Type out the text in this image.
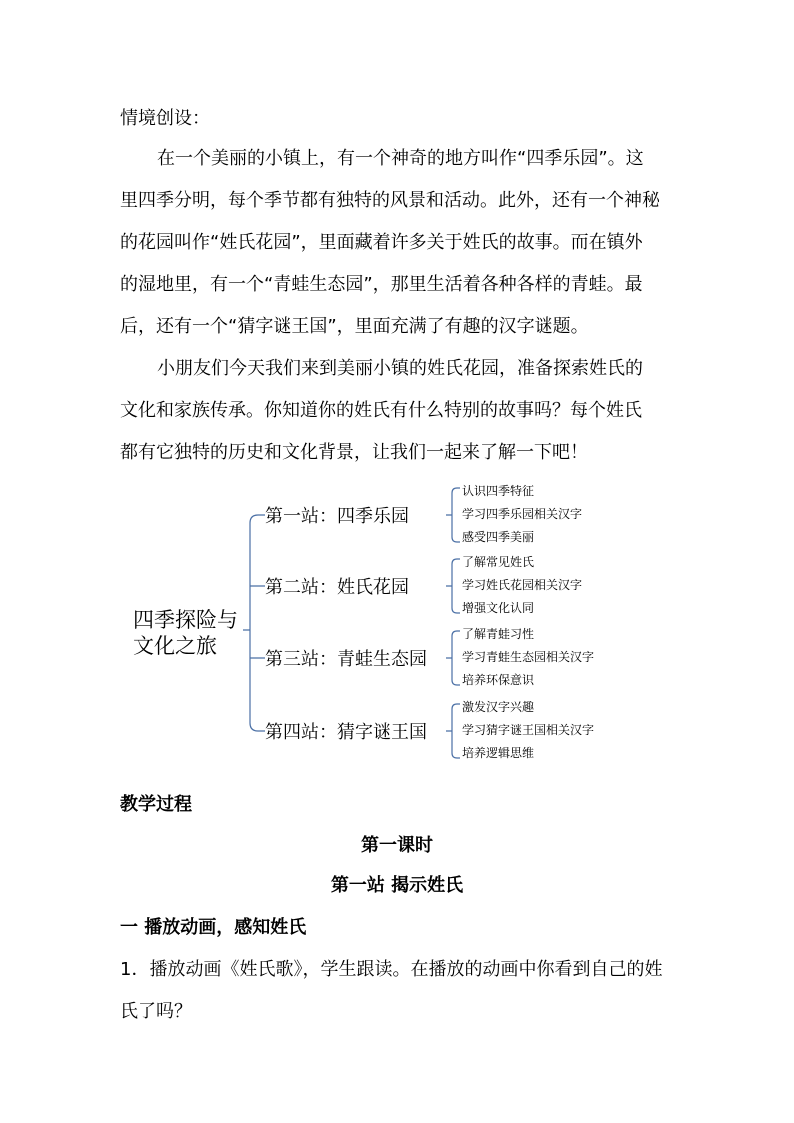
情境创设：
在一个美丽的小镇上，有一个神奇的地方叫作“四季乐园”。这
里四季分明，每个季节都有独特的风景和活动。此外，还有一个神秘
的花园叫作“姓氏花园”，里面藏着许多关于姓氏的故事。而在镇外
的湿地里，有一个“青蛙生态园”，那里生活着各种各样的青蛙。最
后，还有一个“猜字谜王国”，里面充满了有趣的汉字谜题。
小朋友们今天我们来到美丽小镇的姓氏花园，准备探索姓氏的
文化和家族传承。你知道你的姓氏有什么特别的故事吗？每个姓氏
都有它独特的历史和文化背景，让我们一起来了解一下吧！
四季探险与
文化之旅
第一站：四季乐园
认识四季特征
学习四季乐园相关汉字
感受四季美丽
第二站：姓氏花园
了解常见姓氏
学习姓氏花园相关汉字
增强文化认同
第三站：青蛙生态园
了解青蛙习性
学习青蛙生态园相关汉字
培养环保意识
第四站：猜字谜王国
激发汉字兴趣
学习猜字谜王国相关汉字
培养逻辑思维
教学过程
第一课时
第一站 揭示姓氏
一 播放动画，感知姓氏
1．播放动画《姓氏歌》，学生跟读。在播放的动画中你看到自己的姓
氏了吗？
